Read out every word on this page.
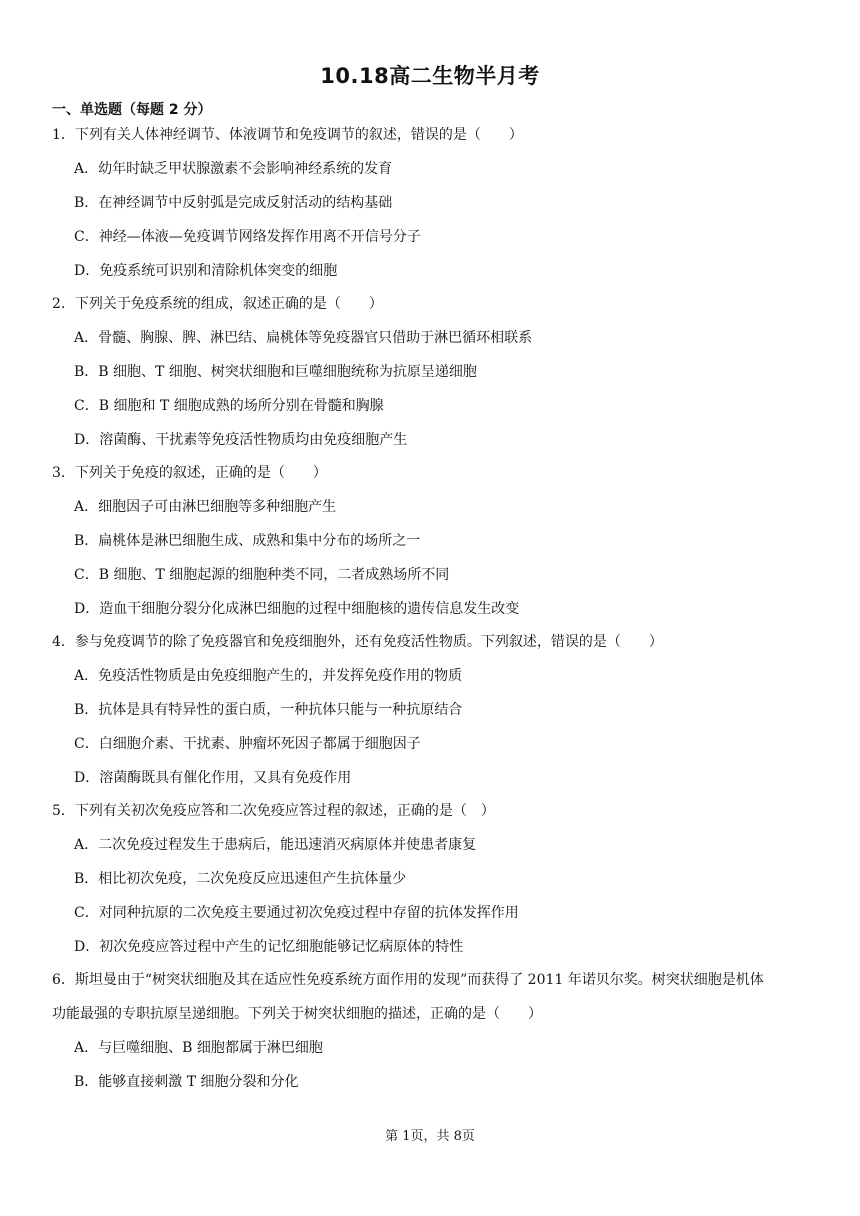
10.18高二生物半月考
一、单选题（每题 2 分）
1．下列有关人体神经调节、体液调节和免疫调节的叙述，错误的是（　　）
A．幼年时缺乏甲状腺激素不会影响神经系统的发育
B．在神经调节中反射弧是完成反射活动的结构基础
C．神经—体液—免疫调节网络发挥作用离不开信号分子
D．免疫系统可识别和清除机体突变的细胞
2．下列关于免疫系统的组成，叙述正确的是（　　）
A．骨髓、胸腺、脾、淋巴结、扁桃体等免疫器官只借助于淋巴循环相联系
B．B 细胞、T 细胞、树突状细胞和巨噬细胞统称为抗原呈递细胞
C．B 细胞和 T 细胞成熟的场所分别在骨髓和胸腺
D．溶菌酶、干扰素等免疫活性物质均由免疫细胞产生
3．下列关于免疫的叙述，正确的是（　　）
A．细胞因子可由淋巴细胞等多种细胞产生
B．扁桃体是淋巴细胞生成、成熟和集中分布的场所之一
C．B 细胞、T 细胞起源的细胞种类不同，二者成熟场所不同
D．造血干细胞分裂分化成淋巴细胞的过程中细胞核的遗传信息发生改变
4．参与免疫调节的除了免疫器官和免疫细胞外，还有免疫活性物质。下列叙述，错误的是（　　）
A．免疫活性物质是由免疫细胞产生的，并发挥免疫作用的物质
B．抗体是具有特异性的蛋白质，一种抗体只能与一种抗原结合
C．白细胞介素、干扰素、肿瘤坏死因子都属于细胞因子
D．溶菌酶既具有催化作用，又具有免疫作用
5．下列有关初次免疫应答和二次免疫应答过程的叙述，正确的是（　）
A．二次免疫过程发生于患病后，能迅速消灭病原体并使患者康复
B．相比初次免疫，二次免疫反应迅速但产生抗体量少
C．对同种抗原的二次免疫主要通过初次免疫过程中存留的抗体发挥作用
D．初次免疫应答过程中产生的记忆细胞能够记忆病原体的特性
6．斯坦曼由于“树突状细胞及其在适应性免疫系统方面作用的发现”而获得了 2011 年诺贝尔奖。树突状细胞是机体
功能最强的专职抗原呈递细胞。下列关于树突状细胞的描述，正确的是（　　）
A．与巨噬细胞、B 细胞都属于淋巴细胞
B．能够直接刺激 T 细胞分裂和分化
第 1页，共 8页
